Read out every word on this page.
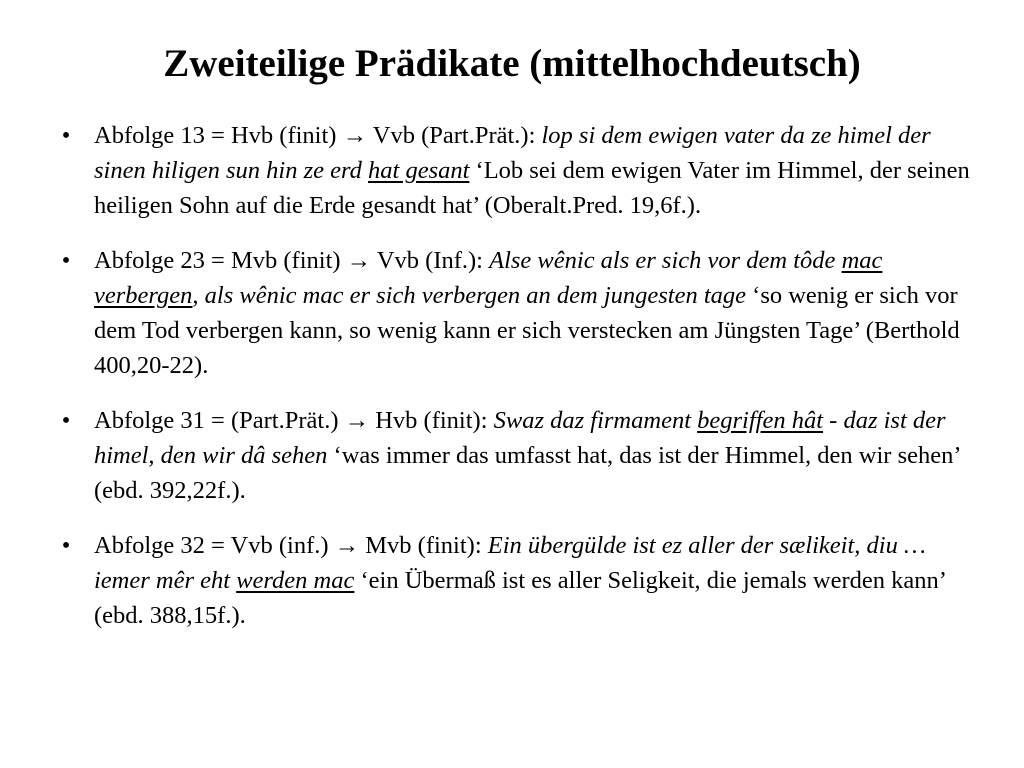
Zweiteilige Prädikate (mittelhochdeutsch)
• Abfolge 13 = Hvb (finit) → Vvb (Part.Prät.): lop si dem ewigen vater da ze himel der sinen hiligen sun hin ze erd hat gesant ‘Lob sei dem ewigen Vater im Himmel, der seinen heiligen Sohn auf die Erde gesandt hat’ (Oberalt.Pred. 19,6f.).
• Abfolge 23 = Mvb (finit) → Vvb (Inf.): Alse wênic als er sich vor dem tôde mac verbergen, als wênic mac er sich verbergen an dem jungesten tage ‘so wenig er sich vor dem Tod verbergen kann, so wenig kann er sich verstecken am Jüngsten Tage’ (Berthold 400,20-22).
• Abfolge 31 = (Part.Prät.) → Hvb (finit): Swaz daz firmament begriffen hât - daz ist der himel, den wir dâ sehen ‘was immer das umfasst hat, das ist der Himmel, den wir sehen’ (ebd. 392,22f.).
• Abfolge 32 = Vvb (inf.) → Mvb (finit): Ein übergülde ist ez aller der sælikeit, diu … iemer mêr eht werden mac ‘ein Übermaß ist es aller Seligkeit, die jemals werden kann’ (ebd. 388,15f.).
